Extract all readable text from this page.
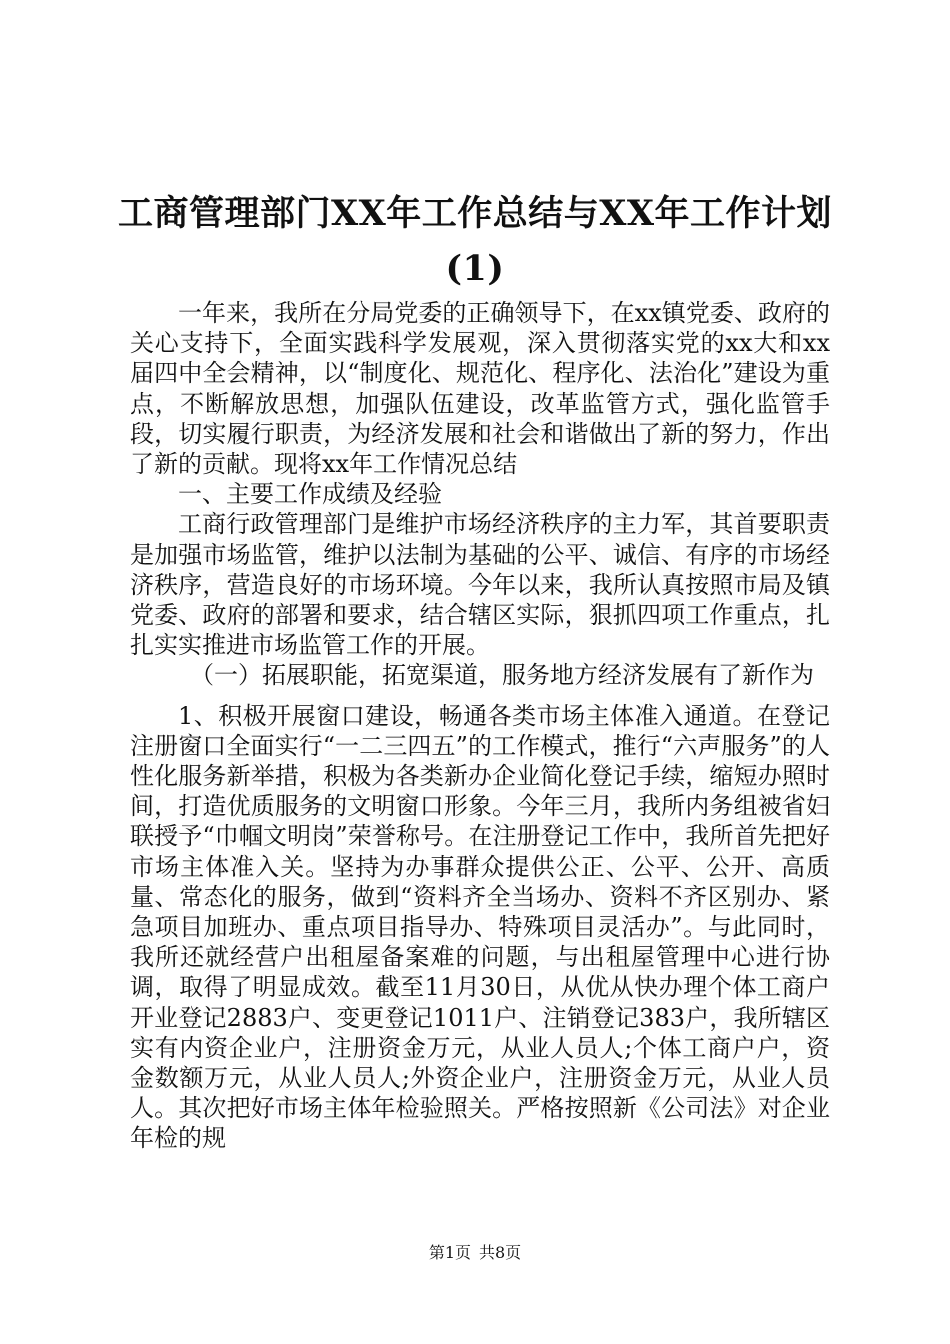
工商管理部门XX年工作总结与XX年工作计划
(1)

一年来，我所在分局党委的正确领导下，在xx镇党委、政府的关心支持下，全面实践科学发展观，深入贯彻落实党的xx大和xx届四中全会精神，以“制度化、规范化、程序化、法治化”建设为重点，不断解放思想，加强队伍建设，改革监管方式，强化监管手段，切实履行职责，为经济发展和社会和谐做出了新的努力，作出了新的贡献。现将xx年工作情况总结

一、主要工作成绩及经验

工商行政管理部门是维护市场经济秩序的主力军，其首要职责是加强市场监管，维护以法制为基础的公平、诚信、有序的市场经济秩序，营造良好的市场环境。今年以来，我所认真按照市局及镇党委、政府的部署和要求，结合辖区实际，狠抓四项工作重点，扎扎实实推进市场监管工作的开展。

（一）拓展职能，拓宽渠道，服务地方经济发展有了新作为

1、积极开展窗口建设，畅通各类市场主体准入通道。在登记注册窗口全面实行“一二三四五”的工作模式，推行“六声服务”的人性化服务新举措，积极为各类新办企业简化登记手续，缩短办照时间，打造优质服务的文明窗口形象。今年三月，我所内务组被省妇联授予“巾帼文明岗”荣誉称号。在注册登记工作中，我所首先把好市场主体准入关。坚持为办事群众提供公正、公平、公开、高质量、常态化的服务，做到“资料齐全当场办、资料不齐区别办、紧急项目加班办、重点项目指导办、特殊项目灵活办”。与此同时，我所还就经营户出租屋备案难的问题，与出租屋管理中心进行协调，取得了明显成效。截至11月30日，从优从快办理个体工商户开业登记2883户、变更登记1011户、注销登记383户，我所辖区实有内资企业户，注册资金万元，从业人员人;个体工商户户，资金数额万元，从业人员人;外资企业户，注册资金万元，从业人员人。其次把好市场主体年检验照关。严格按照新《公司法》对企业年检的规

第1页 共8页
